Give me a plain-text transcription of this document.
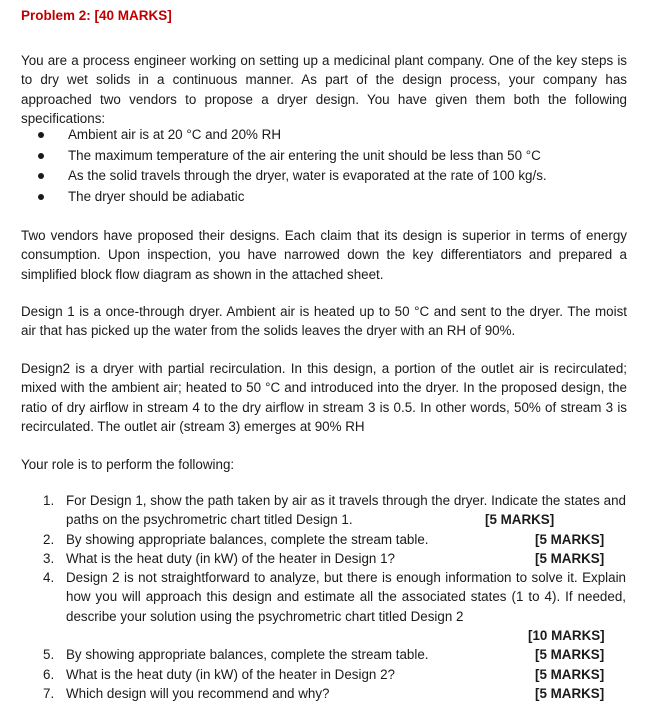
Problem 2: [40 MARKS]
You are a process engineer working on setting up a medicinal plant company. One of the key steps is to dry wet solids in a continuous manner. As part of the design process, your company has approached two vendors to propose a dryer design. You have given them both the following specifications:
Ambient air is at 20 °C and 20% RH
The maximum temperature of the air entering the unit should be less than 50 °C
As the solid travels through the dryer, water is evaporated at the rate of 100 kg/s.
The dryer should be adiabatic
Two vendors have proposed their designs. Each claim that its design is superior in terms of energy consumption. Upon inspection, you have narrowed down the key differentiators and prepared a simplified block flow diagram as shown in the attached sheet.
Design 1 is a once-through dryer. Ambient air is heated up to 50 °C and sent to the dryer. The moist air that has picked up the water from the solids leaves the dryer with an RH of 90%.
Design2 is a dryer with partial recirculation. In this design, a portion of the outlet air is recirculated; mixed with the ambient air; heated to 50 °C and introduced into the dryer. In the proposed design, the ratio of dry airflow in stream 4 to the dry airflow in stream 3 is 0.5. In other words, 50% of stream 3 is recirculated. The outlet air (stream 3) emerges at 90% RH
Your role is to perform the following:
1. For Design 1, show the path taken by air as it travels through the dryer. Indicate the states and paths on the psychrometric chart titled Design 1.	[5 MARKS]
2. By showing appropriate balances, complete the stream table.	[5 MARKS]
3. What is the heat duty (in kW) of the heater in Design 1?	[5 MARKS]
4. Design 2 is not straightforward to analyze, but there is enough information to solve it. Explain how you will approach this design and estimate all the associated states (1 to 4). If needed, describe your solution using the psychrometric chart titled Design 2
[10 MARKS]
5. By showing appropriate balances, complete the stream table.	[5 MARKS]
6. What is the heat duty (in kW) of the heater in Design 2?	[5 MARKS]
7. Which design will you recommend and why?	[5 MARKS]
